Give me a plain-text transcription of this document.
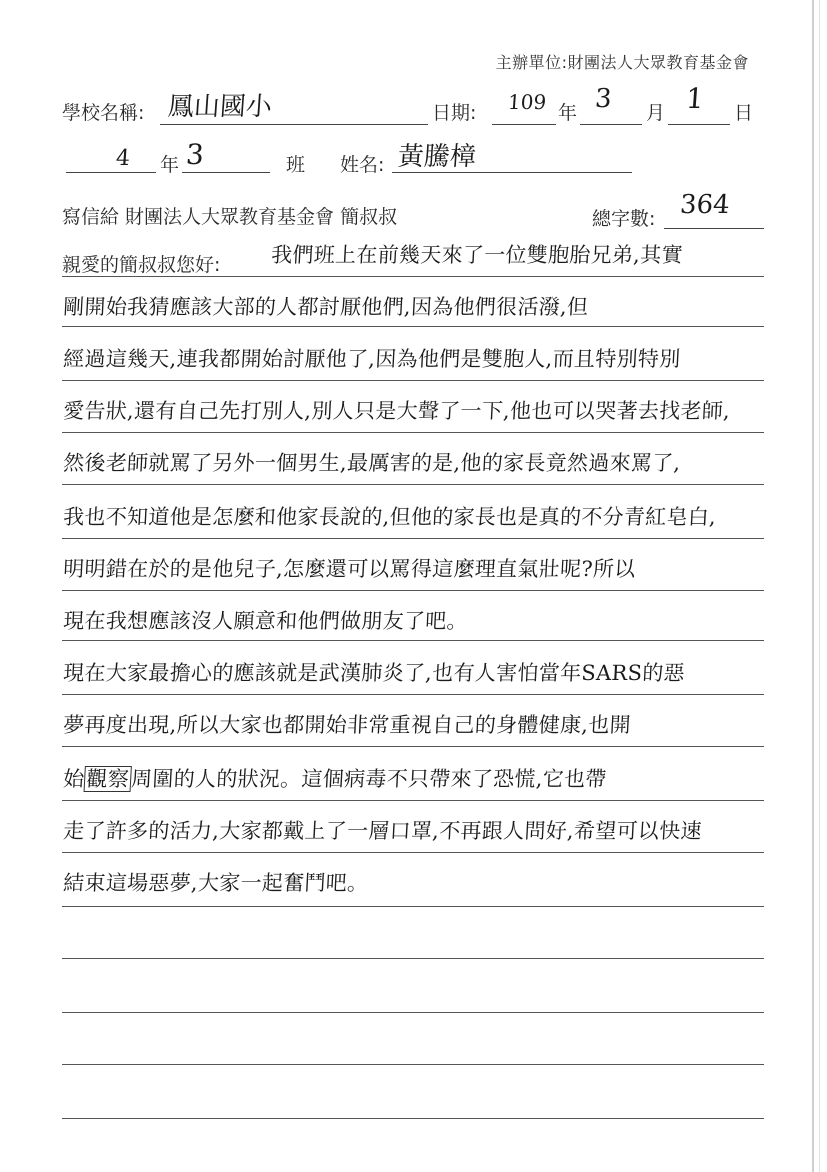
主辦單位:財團法人大眾教育基金會
學校名稱: 鳳山國小	日期: 109 年 3 月 1 日
4 年 3	班 姓名: 黃騰樟
寫信給 財團法人大眾教育基金會 簡叔叔	總字數: 364
親愛的簡叔叔您好: 我們班上在前幾天來了一位雙胞胎兄弟,其實
剛開始我猜應該大部的人都討厭他們,因為他們很活潑,但
經過這幾天,連我都開始討厭他了,因為他們是雙胞人,而且特別特別
愛告狀,還有自己先打別人,別人只是大聲了一下,他也可以哭著去找老師,
然後老師就罵了另外一個男生,最厲害的是,他的家長竟然過來罵了,
我也不知道他是怎麼和他家長說的,但他的家長也是真的不分青紅皂白,
明明錯在於的是他兒子,怎麼還可以罵得這麼理直氣壯呢?所以
現在我想應該沒人願意和他們做朋友了吧。
現在大家最擔心的應該就是武漢肺炎了,也有人害怕當年SARS的惡
夢再度出現,所以大家也都開始非常重視自己的身體健康,也開
始觀察周圍的人的狀況。這個病毒不只帶來了恐慌,它也帶
走了許多的活力,大家都戴上了一層口罩,不再跟人問好,希望可以快速
結束這場惡夢,大家一起奮鬥吧。
